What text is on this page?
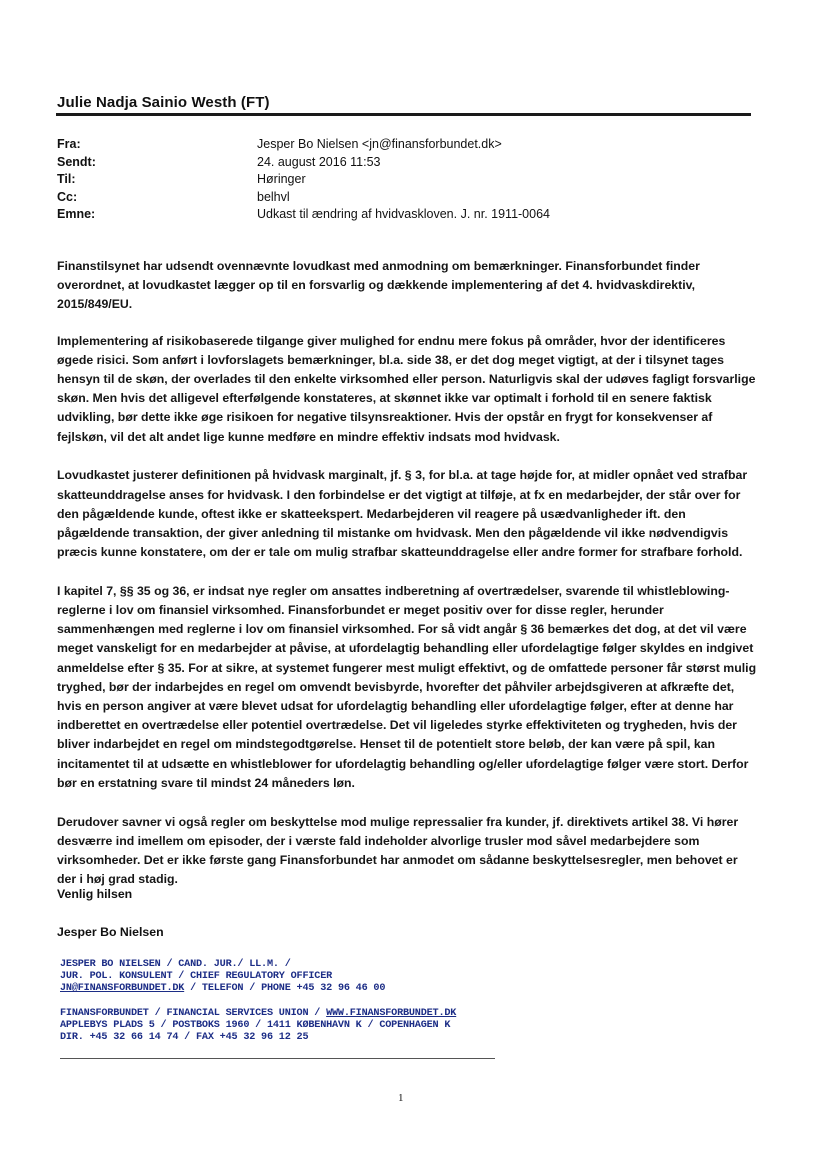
Julie Nadja Sainio Westh (FT)
Fra:	Jesper Bo Nielsen <jn@finansforbundet.dk>
Sendt:	24. august 2016 11:53
Til:	Høringer
Cc:	belhvl
Emne:	Udkast til ændring af hvidvaskloven. J. nr. 1911-0064

Finanstilsynet har udsendt ovennævnte lovudkast med anmodning om bemærkninger. Finansforbundet finder overordnet, at lovudkastet lægger op til en forsvarlig og dækkende implementering af det 4. hvidvaskdirektiv, 2015/849/EU.

Implementering af risikobaserede tilgange giver mulighed for endnu mere fokus på områder, hvor der identificeres øgede risici. Som anført i lovforslagets bemærkninger, bl.a. side 38, er det dog meget vigtigt, at der i tilsynet tages hensyn til de skøn, der overlades til den enkelte virksomhed eller person. Naturligvis skal der udøves fagligt forsvarlige skøn. Men hvis det alligevel efterfølgende konstateres, at skønnet ikke var optimalt i forhold til en senere faktisk udvikling, bør dette ikke øge risikoen for negative tilsynsreaktioner. Hvis der opstår en frygt for konsekvenser af fejlskøn, vil det alt andet lige kunne medføre en mindre effektiv indsats mod hvidvask.

Lovudkastet justerer definitionen på hvidvask marginalt, jf. § 3, for bl.a. at tage højde for, at midler opnået ved strafbar skatteunddragelse anses for hvidvask. I den forbindelse er det vigtigt at tilføje, at fx en medarbejder, der står over for den pågældende kunde, oftest ikke er skatteekspert. Medarbejderen vil reagere på usædvanligheder ift. den pågældende transaktion, der giver anledning til mistanke om hvidvask. Men den pågældende vil ikke nødvendigvis præcis kunne konstatere, om der er tale om mulig strafbar skatteunddragelse eller andre former for strafbare forhold.

I kapitel 7, §§ 35 og 36, er indsat nye regler om ansattes indberetning af overtrædelser, svarende til whistleblowing-reglerne i lov om finansiel virksomhed. Finansforbundet er meget positiv over for disse regler, herunder sammenhængen med reglerne i lov om finansiel virksomhed. For så vidt angår § 36 bemærkes det dog, at det vil være meget vanskeligt for en medarbejder at påvise, at ufordelagtig behandling eller ufordelagtige følger skyldes en indgivet anmeldelse efter § 35. For at sikre, at systemet fungerer mest muligt effektivt, og de omfattede personer får størst mulig tryghed, bør der indarbejdes en regel om omvendt bevisbyrde, hvorefter det påhviler arbejdsgiveren at afkræfte det, hvis en person angiver at være blevet udsat for ufordelagtig behandling eller ufordelagtige følger, efter at denne har indberettet en overtrædelse eller potentiel overtrædelse. Det vil ligeledes styrke effektiviteten og trygheden, hvis der bliver indarbejdet en regel om mindstegodtgørelse. Henset til de potentielt store beløb, der kan være på spil, kan incitamentet til at udsætte en whistleblower for ufordelagtig behandling og/eller ufordelagtige følger være stort. Derfor bør en erstatning svare til mindst 24 måneders løn.

Derudover savner vi også regler om beskyttelse mod mulige repressalier fra kunder, jf. direktivets artikel 38. Vi hører desværre ind imellem om episoder, der i værste fald indeholder alvorlige trusler mod såvel medarbejdere som virksomheder. Det er ikke første gang Finansforbundet har anmodet om sådanne beskyttelsesregler, men behovet er der i høj grad stadig.

Venlig hilsen
Jesper Bo Nielsen
JESPER BO NIELSEN / CAND. JUR./ LL.M. /
JUR. POL. KONSULENT / CHIEF REGULATORY OFFICER
JN@FINANSFORBUNDET.DK / TELEFON / PHONE +45 32 96 46 00
FINANSFORBUNDET / FINANCIAL SERVICES UNION / WWW.FINANSFORBUNDET.DK
APPLEBYS PLADS 5 / POSTBOKS 1960 / 1411 KØBENHAVN K / COPENHAGEN K
DIR. +45 32 66 14 74 / FAX +45 32 96 12 25
1
